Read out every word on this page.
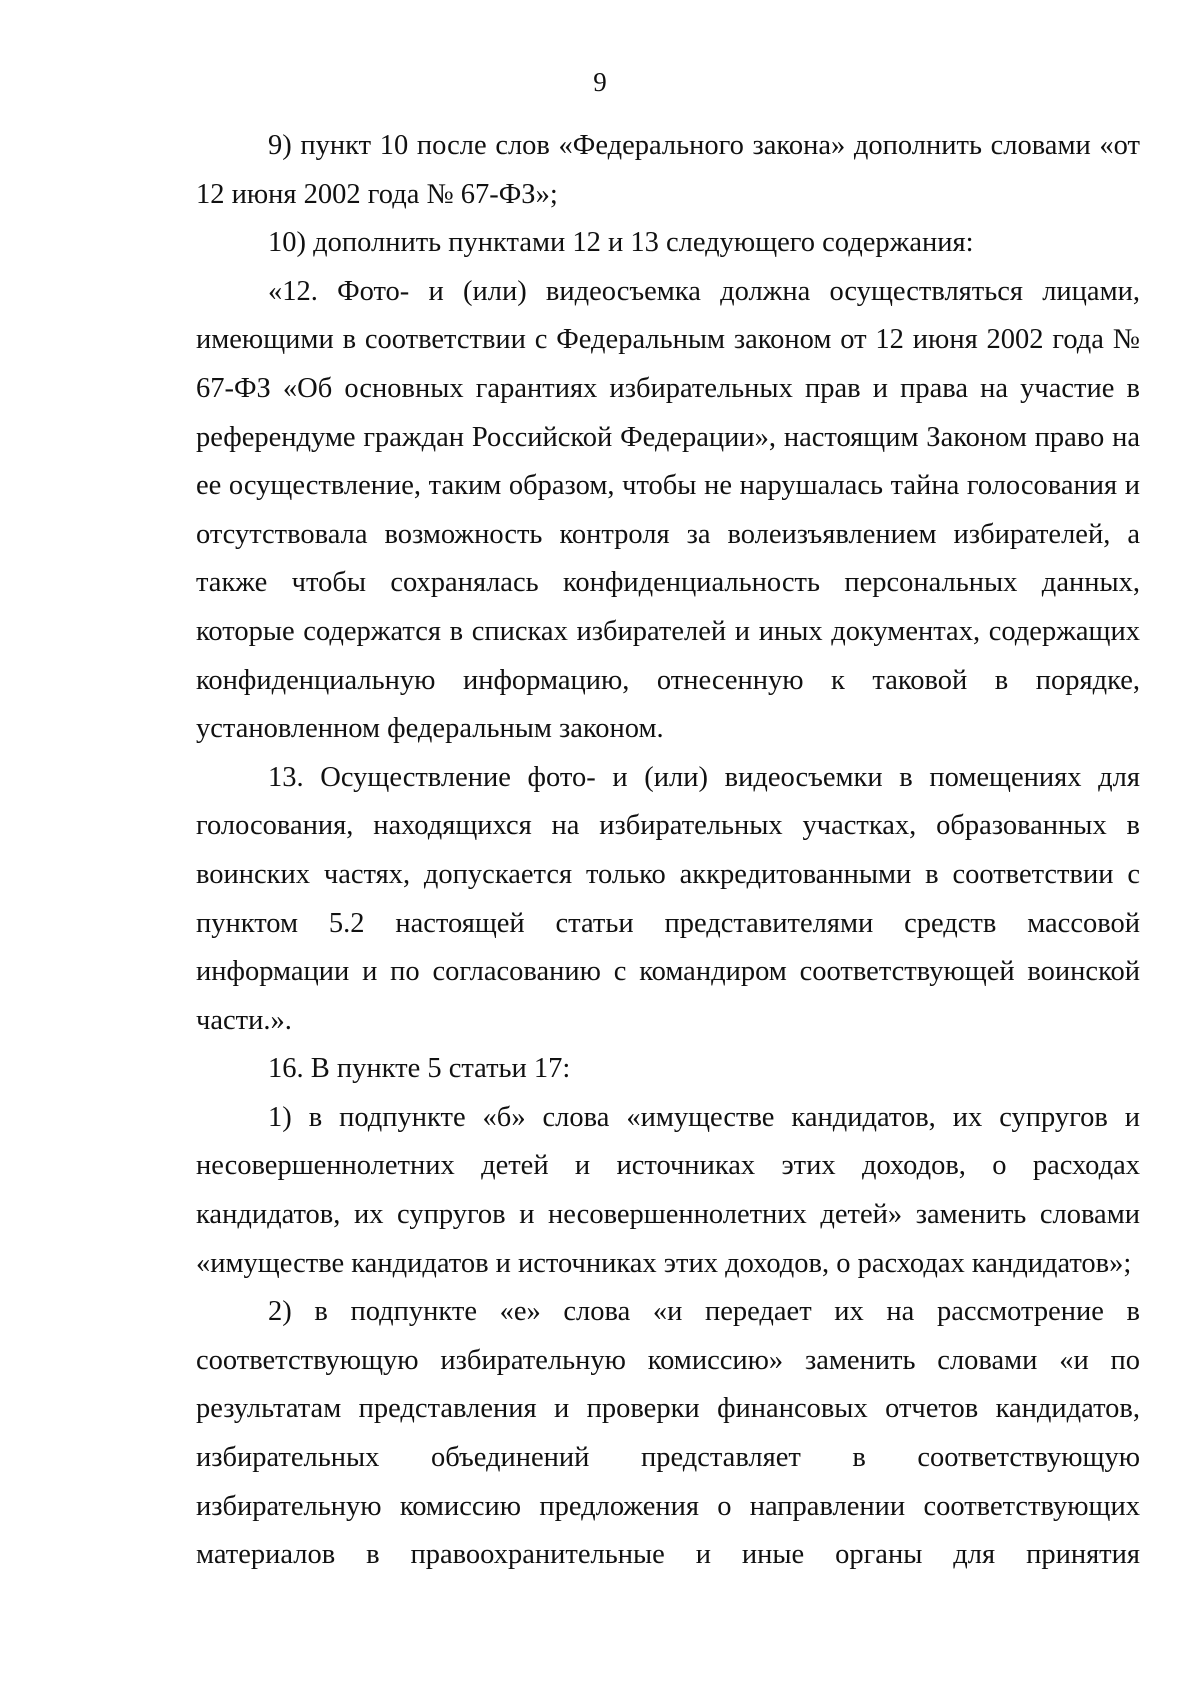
9

9) пункт 10 после слов «Федерального закона» дополнить словами «от 12 июня 2002 года № 67-ФЗ»;

10) дополнить пунктами 12 и 13 следующего содержания:

«12. Фото- и (или) видеосъемка должна осуществляться лицами, имеющими в соответствии с Федеральным законом от 12 июня 2002 года № 67-ФЗ «Об основных гарантиях избирательных прав и права на участие в референдуме граждан Российской Федерации», настоящим Законом право на ее осуществление, таким образом, чтобы не нарушалась тайна голосования и отсутствовала возможность контроля за волеизъявлением избирателей, а также чтобы сохранялась конфиденциальность персональных данных, которые содержатся в списках избирателей и иных документах, содержащих конфиденциальную информацию, отнесенную к таковой в порядке, установленном федеральным законом.

13. Осуществление фото- и (или) видеосъемки в помещениях для голосования, находящихся на избирательных участках, образованных в воинских частях, допускается только аккредитованными в соответствии с пунктом 5.2 настоящей статьи представителями средств массовой информации и по согласованию с командиром соответствующей воинской части.».

16. В пункте 5 статьи 17:

1) в подпункте «б» слова «имуществе кандидатов, их супругов и несовершеннолетних детей и источниках этих доходов, о расходах кандидатов, их супругов и несовершеннолетних детей» заменить словами «имуществе кандидатов и источниках этих доходов, о расходах кандидатов»;

2) в подпункте «е» слова «и передает их на рассмотрение в соответствующую избирательную комиссию» заменить словами «и по результатам представления и проверки финансовых отчетов кандидатов, избирательных объединений представляет в соответствующую избирательную комиссию предложения о направлении соответствующих материалов в правоохранительные и иные органы для принятия
